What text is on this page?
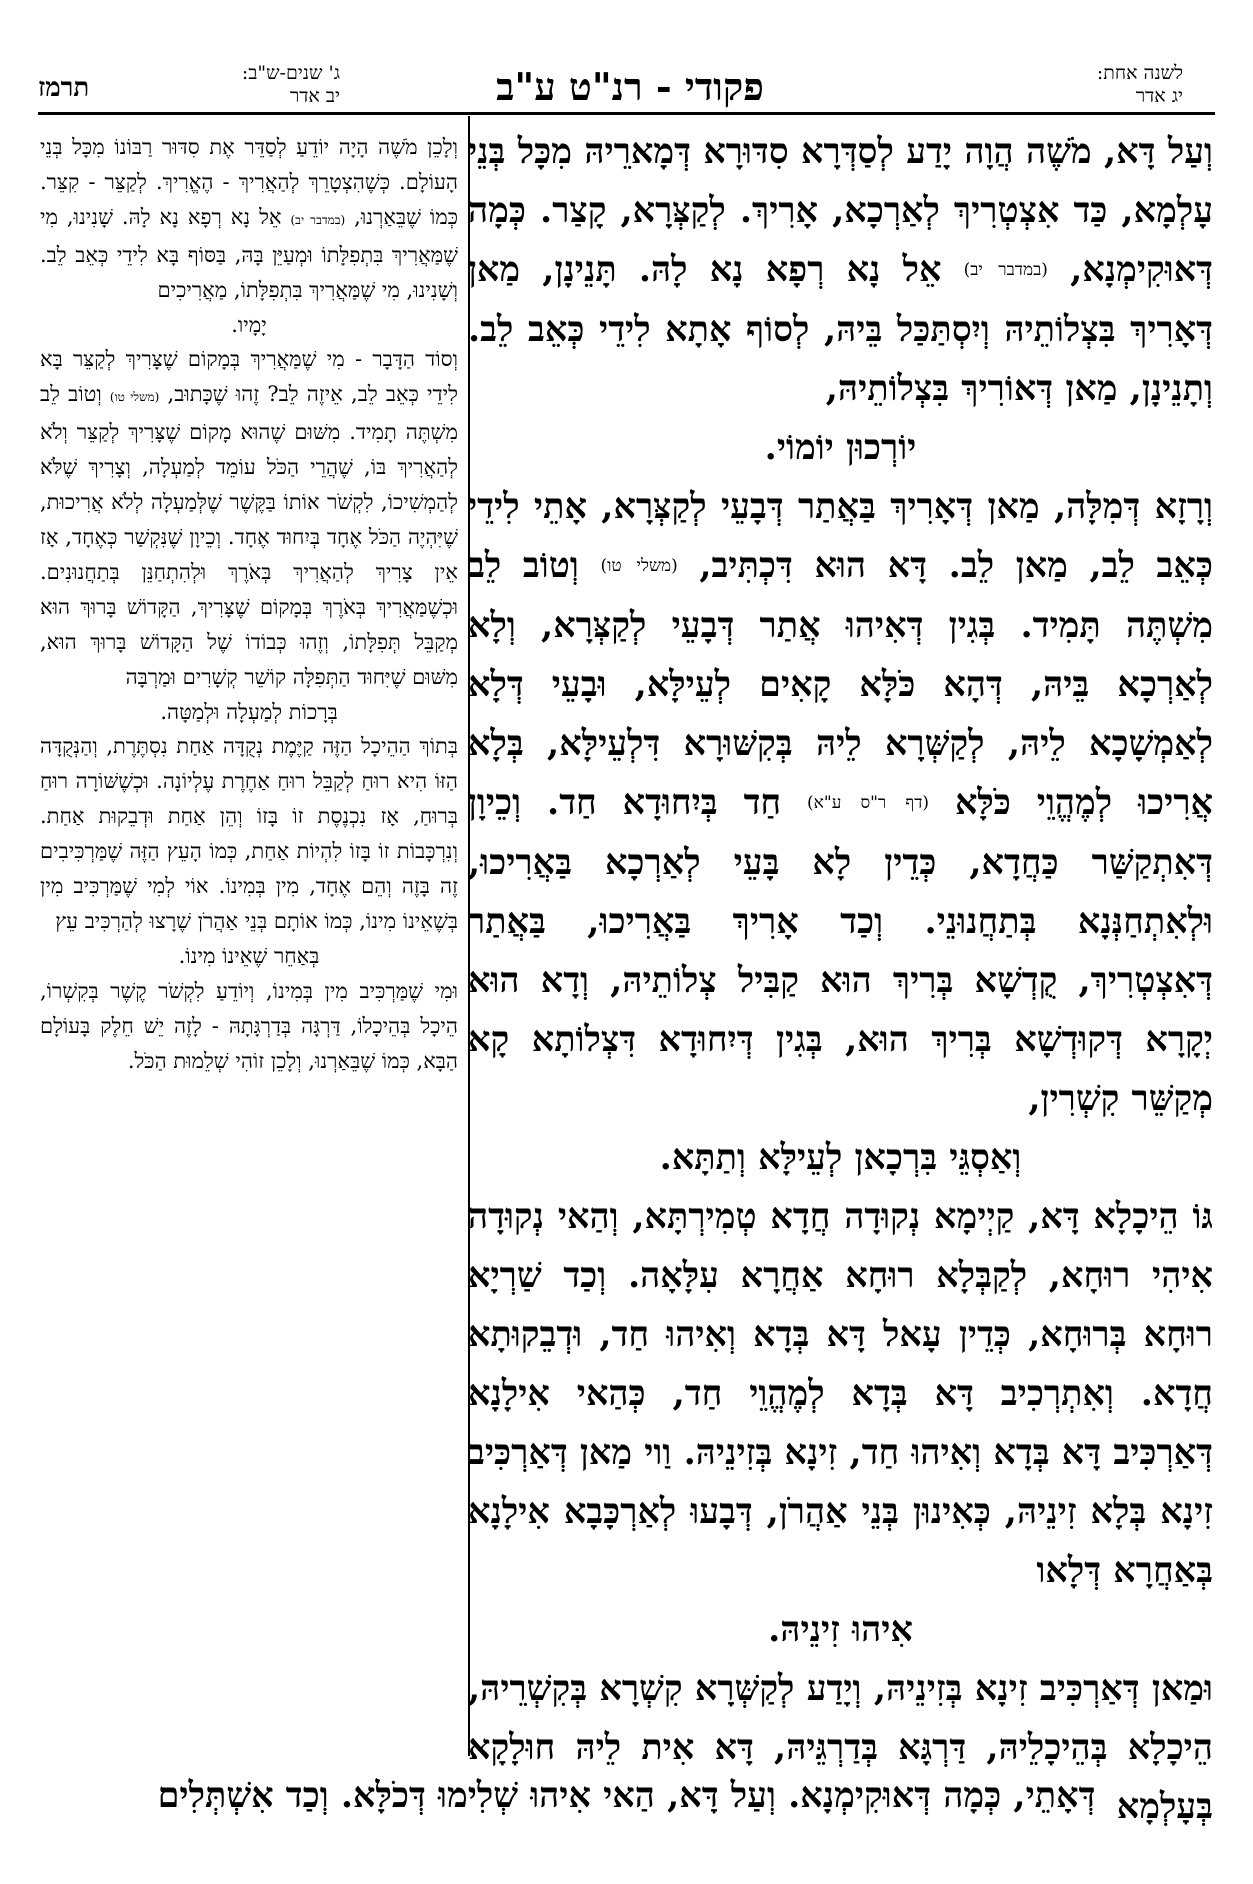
לשנה אחת:
יג אדר
פקודי - רנ"ט ע"ב
ג' שנים-ש"ב:
יב אדר
תרמז

וְעַל דָּא, מֹשֶׁה הֲוָה יָדַע לְסַדְּרָא סִדּוּרָא דְּמָארֵיהּ מִכָּל בְּנֵי עָלְמָא, כַּד אִצְטְרִיךְ לְאַרְכָא, אָרִיךְ. לְקַצְּרָא, קָצַר. כְּמָה דְּאוּקִימְנָא, (במדבר יב) אֵל נָא רְפָא נָא לָהּ. תָּנֵינָן, מַאן דְּאָרִיךְ בִּצְלוֹתֵיהּ וְיִסְתַּכַּל בֵּיהּ, לְסוֹף אָתָא לִידֵי כְּאֵב לֵב. וְתָנֵינָן, מַאן דְּאוֹרִיךְ בִּצְלוֹתֵיהּ,

יוֹרְכוּן יוֹמוֹי.

וְרָזָא דְּמִלָּה, מַאן דְּאָרִיךְ בַּאֲתַר דְּבָעֵי לְקַצְּרָא, אָתֵי לִידֵי כְּאֵב לֵב, מַאן לֵב. דָּא הוּא דִּכְתִּיב, (משלי טו) וְטוֹב לֵב מִשְׁתֶּה תָּמִיד. בְּגִין דְּאִיהוּ אֲתַר דְּבָעֵי לְקַצְּרָא, וְלָא לְאַרְכָא בֵּיהּ, דְּהָא כֹּלָּא קָאִים לְעֵילָּא, וּבָעֵי דְּלָא לְאַמְשָׁכָא לֵיהּ, לְקַשְּׁרָא לֵיהּ בְּקִשּׁוּרָא דִּלְעֵילָּא, בְּלָא אֲרִיכוּ לְמֶהֱוֵי כֹּלָּא (דף ר"ס ע"א) חַד בְּיִחוּדָא חַד. וְכֵיוָן דְּאִתְקַשַּׁר כַּחֲדָא, כְּדֵין לָא בָּעֵי לְאַרְכָא בַּאֲרִיכוּ, וּלְאִתְחַנְּנָא בְּתַחֲנוּנֵי. וְכַד אָרִיךְ בַּאֲרִיכוּ, בַּאֲתַר דְּאִצְטְרִיךְ, קֻדְשָׁא בְּרִיךְ הוּא קַבִּיל צְלוֹתֵיהּ, וְדָא הוּא יְקָרָא דְּקוּדְשָׁא בְּרִיךְ הוּא, בְּגִין דְּיִחוּדָא דִּצְלוֹתָא קָא מְקַשֵּׁר קִשְׁרִין,

וְאַסְגֵּי בִּרְכָאן לְעֵילָּא וְתַתָּא.

גּוֹ הֵיכָלָא דָּא, קַיְימָא נְקוּדָה חֲדָא טְמִירְתָּא, וְהַאי נְקוּדָה אִיהִי רוּחָא, לְקַבְּלָא רוּחָא אַחֲרָא עִלָּאָה. וְכַד שַׁרְיָא רוּחָא בְּרוּחָא, כְּדֵין עָאל דָּא בְּדָא וְאִיהוּ חַד, וּדְבֵקוּתָא חֲדָא. וְאִתְרְכִיב דָּא בְּדָא לְמֶהֱוֵי חַד, כְּהַאי אִילָנָא דְּאַרְכִּיב דָּא בְּדָא וְאִיהוּ חַד, זִינָא בְּזִינֵיהּ. וַוי מַאן דְּאַרְכִּיב זִינָא בְּלָא זִינֵיהּ, כְּאִינוּן בְּנֵי אַהֲרֹן, דְּבָעוּ לְאַרְכָּבָא אִילָנָא בְּאַחֲרָא דְּלָאו

אִיהוּ זִינֵיהּ.

וּמַאן דְּאַרְכִּיב זִינָא בְּזִינֵיהּ, וְיָדַע לְקַשְּׁרָא קִשְׁרָא בְּקִשְׁרֵיהּ, הֵיכָלָא בְּהֵיכָלֵיהּ, דַּרְגָּא בְּדַרְגֵּיהּ, דָּא אִית לֵיהּ חוּלָקָא בְּעָלְמָא

וְלָכֵן מֹשֶׁה הָיָה יוֹדֵעַ לְסַדֵּר אֶת סִדּוּר רַבּוֹנוֹ מִכָּל בְּנֵי הָעוֹלָם. כְּשֶׁהִצְטָרֵךְ לְהַאֲרִיךְ - הֶאֱרִיךְ. לְקַצֵּר - קִצֵּר. כְּמוֹ שֶׁבֵּאַרְנוּ, (במדבר יב) אֵל נָא רְפָא נָא לָהּ. שָׁנִינוּ, מִי שֶׁמַּאֲרִיךְ בִּתְפִלָּתוֹ וּמְעַיֵּן בָּהּ, בַּסּוֹף בָּא לִידֵי כְּאֵב לֵב. וְשָׁנִינוּ, מִי שֶׁמַּאֲרִיךְ בִּתְפִלָּתוֹ, מַאֲרִיכִים

יָמָיו.

וְסוֹד הַדָּבָר - מִי שֶׁמַּאֲרִיךְ בְּמָקוֹם שֶׁצָּרִיךְ לְקַצֵּר בָּא לִידֵי כְּאֵב לֵב, אֵיזֶה לֵב? זֶהוּ שֶׁכָּתוּב, (משלי טו) וְטוֹב לֵב מִשְׁתֶּה תָמִיד. מִשּׁוּם שֶׁהוּא מָקוֹם שֶׁצָּרִיךְ לְקַצֵּר וְלֹא לְהַאֲרִיךְ בּוֹ, שֶׁהֲרֵי הַכֹּל עוֹמֵד לְמַעְלָה, וְצָרִיךְ שֶׁלֹּא לְהַמְשִׁיכוֹ, לִקְשֹׁר אוֹתוֹ בַּקֶּשֶׁר שֶׁלְּמַעְלָה לְלֹא אֲרִיכוּת, שֶׁיִּהְיֶה הַכֹּל אֶחָד בְּיִחוּד אֶחָד. וְכֵיוָן שֶׁנִּקְשַׁר כְּאֶחָד, אָז אֵין צָרִיךְ לְהַאֲרִיךְ בְּאֹרֶךְ וּלְהִתְחַנֵּן בְּתַחֲנוּנִים. וּכְשֶׁמַּאֲרִיךְ בְּאֹרֶךְ בְּמָקוֹם שֶׁצָּרִיךְ, הַקָּדוֹשׁ בָּרוּךְ הוּא מְקַבֵּל תְּפִלָּתוֹ, וְזֶהוּ כְּבוֹדוֹ שֶׁל הַקָּדוֹשׁ בָּרוּךְ הוּא, מִשּׁוּם שֶׁיִּחוּד הַתְּפִלָּה קוֹשֵׁר קְשָׁרִים וּמַרְבָּה

בְּרָכוֹת לְמַעְלָה וּלְמַטָּה.

בְּתוֹךְ הַהֵיכָל הַזֶּה קַיֶּמֶת נְקֻדָּה אַחַת נִסְתֶּרֶת, וְהַנְּקֻדָּה הַזּוֹ הִיא רוּחַ לְקַבֵּל רוּחַ אַחֶרֶת עֶלְיוֹנָה. וּכְשֶׁשּׁוֹרָה רוּחַ בְּרוּחַ, אָז נִכְנֶסֶת זוֹ בָּזוֹ וְהֵן אַחַת וּדְבֵקוּת אַחַת. וְנִרְכָּבוֹת זוֹ בָּזוֹ לִהְיוֹת אַחַת, כְּמוֹ הָעֵץ הַזֶּה שֶׁמַּרְכִּיבִים זֶה בָּזֶה וְהֵם אֶחָד, מִין בְּמִינוֹ. אוֹי לְמִי שֶׁמַּרְכִּיב מִין בְּשֶׁאֵינוֹ מִינוֹ, כְּמוֹ אוֹתָם בְּנֵי אַהֲרֹן שֶׁרָצוּ לְהַרְכִּיב עֵץ

בְּאַחֵר שֶׁאֵינוֹ מִינוֹ.

וּמִי שֶׁמַּרְכִּיב מִין בְּמִינוֹ, וְיוֹדֵעַ לִקְשֹׁר קֶשֶׁר בְּקִשְׁרוֹ, הֵיכָל בְּהֵיכָלוֹ, דַּרְגָּה בְּדַרְגָּתָהּ - לָזֶה יֵשׁ חֵלֶק בָּעוֹלָם הַבָּא, כְּמוֹ שֶׁבֵּאַרְנוּ, וְלָכֵן זוֹהִי שְׁלֵמוּת הַכֹּל.

דְּאָתֵי, כְּמָה דְּאוּקִימְנָא. וְעַל דָּא, הַאי אִיהוּ שְׁלִימוּ דְּכֹלָּא. וְכַד אִשְׁתְּלִים
